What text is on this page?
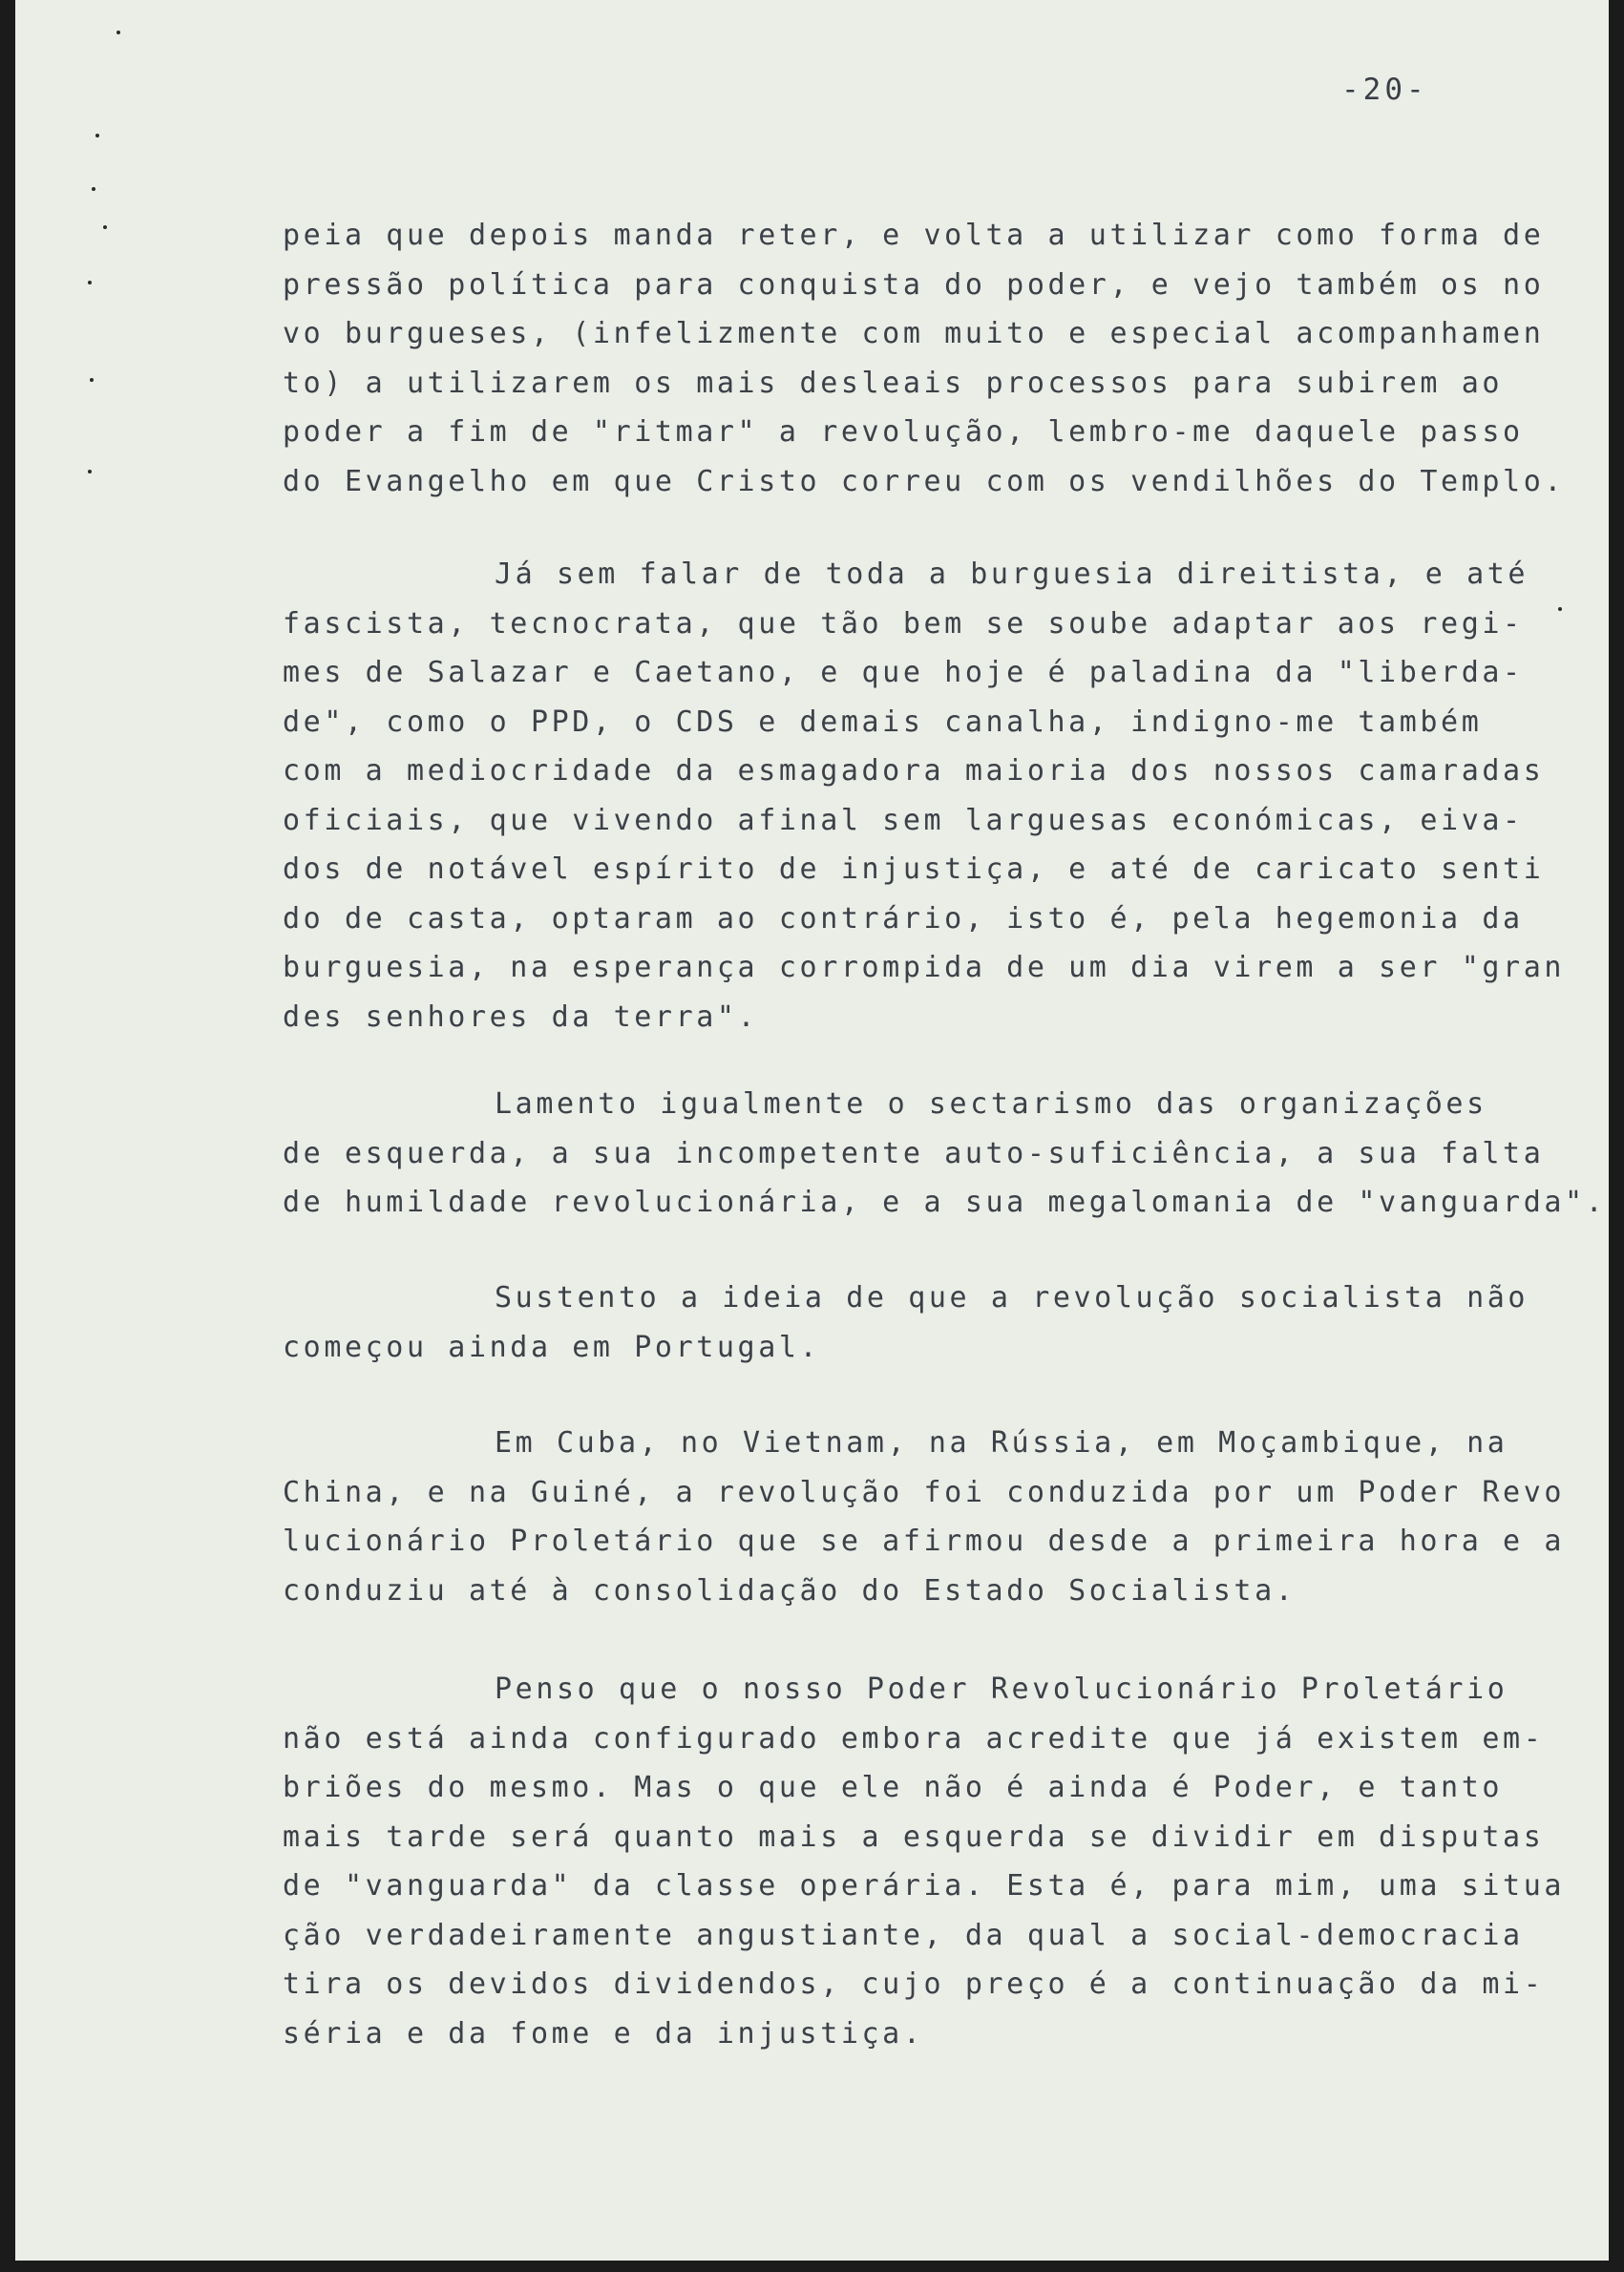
-20-
peia que depois manda reter, e volta a utilizar como forma de
pressão política para conquista do poder, e vejo também os no
vo burgueses, (infelizmente com muito e especial acompanhamen
to) a utilizarem os mais desleais processos para subirem ao
poder a fim de "ritmar" a revolução, lembro-me daquele passo
do Evangelho em que Cristo correu com os vendilhões do Templo.
Já sem falar de toda a burguesia direitista, e até
fascista, tecnocrata, que tão bem se soube adaptar aos regi-
mes de Salazar e Caetano, e que hoje é paladina da "liberda-
de", como o PPD, o CDS e demais canalha, indigno-me também
com a mediocridade da esmagadora maioria dos nossos camaradas
oficiais, que vivendo afinal sem larguesas económicas, eiva-
dos de notável espírito de injustiça, e até de caricato senti
do de casta, optaram ao contrário, isto é, pela hegemonia da
burguesia, na esperança corrompida de um dia virem a ser "gran
des senhores da terra".
Lamento igualmente o sectarismo das organizações
de esquerda, a sua incompetente auto-suficiência, a sua falta
de humildade revolucionária, e a sua megalomania de "vanguarda".
Sustento a ideia de que a revolução socialista não
começou ainda em Portugal.
Em Cuba, no Vietnam, na Rússia, em Moçambique, na
China, e na Guiné, a revolução foi conduzida por um Poder Revo
lucionário Proletário que se afirmou desde a primeira hora e a
conduziu até à consolidação do Estado Socialista.
Penso que o nosso Poder Revolucionário Proletário
não está ainda configurado embora acredite que já existem em-
briões do mesmo. Mas o que ele não é ainda é Poder, e tanto
mais tarde será quanto mais a esquerda se dividir em disputas
de "vanguarda" da classe operária. Esta é, para mim, uma situa
ção verdadeiramente angustiante, da qual a social-democracia
tira os devidos dividendos, cujo preço é a continuação da mi-
séria e da fome e da injustiça.
